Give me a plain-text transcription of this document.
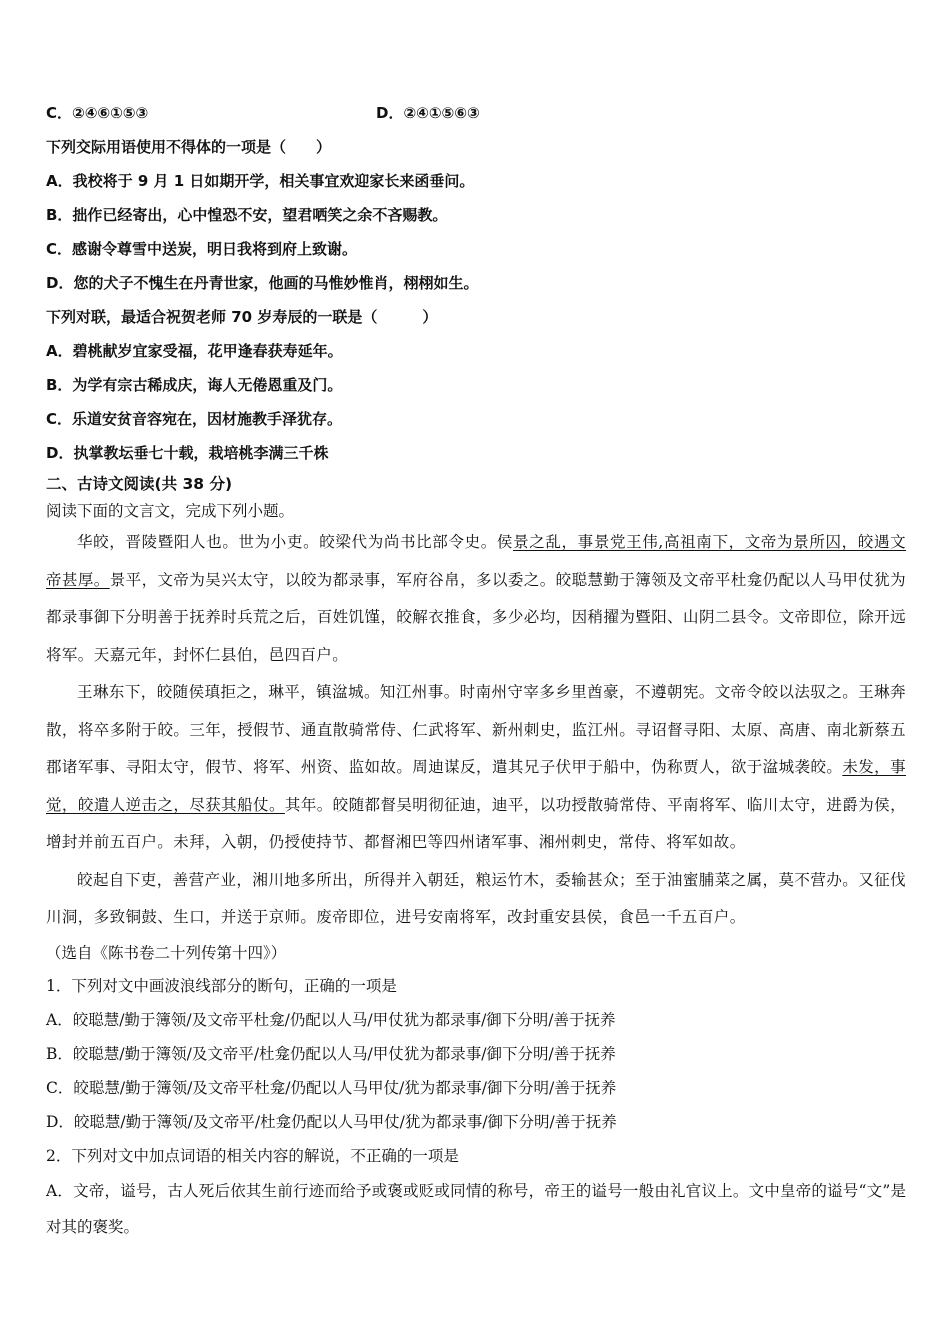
C．②④⑥①⑤③	D．②④①⑤⑥③
下列交际用语使用不得体的一项是（　　）
A．我校将于 9 月 1 日如期开学，相关事宜欢迎家长来函垂问。
B．拙作已经寄出，心中惶恐不安，望君哂笑之余不吝赐教。
C．感谢令尊雪中送炭，明日我将到府上致谢。
D．您的犬子不愧生在丹青世家，他画的马惟妙惟肖，栩栩如生。
下列对联，最适合祝贺老师 70 岁寿辰的一联是（　　　）
A．碧桃献岁宜家受福，花甲逢春获寿延年。
B．为学有宗古稀成庆，诲人无倦恩重及门。
C．乐道安贫音容宛在，因材施教手泽犹存。
D．执掌教坛垂七十载，栽培桃李满三千株
二、古诗文阅读(共 38 分)
阅读下面的文言文，完成下列小题。
华皎，晋陵暨阳人也。世为小吏。皎梁代为尚书比部令史。侯景之乱，事景党王伟,高祖南下，文帝为景所囚，皎遇文帝甚厚。景平，文帝为吴兴太守，以皎为都录事，军府谷帛，多以委之。皎聪慧勤于簿领及文帝平杜龛仍配以人马甲仗犹为都录事御下分明善于抚养时兵荒之后，百姓饥馑，皎解衣推食，多少必均，因稍擢为暨阳、山阴二县令。文帝即位，除开远将军。天嘉元年，封怀仁县伯，邑四百户。
王琳东下，皎随侯瑱拒之，琳平，镇湓城。知江州事。时南州守宰多乡里酋豪，不遵朝宪。文帝令皎以法驭之。王琳奔散，将卒多附于皎。三年，授假节、通直散骑常侍、仁武将军、新州刺史，监江州。寻诏督寻阳、太原、高唐、南北新蔡五郡诸军事、寻阳太守，假节、将军、州资、监如故。周迪谋反，遣其兄子伏甲于船中，伪称贾人，欲于湓城袭皎。未发，事觉，皎遣人逆击之，尽获其船仗。其年。皎随都督吴明彻征迪，迪平，以功授散骑常侍、平南将军、临川太守，进爵为侯，增封并前五百户。未拜，入朝，仍授使持节、都督湘巴等四州诸军事、湘州刺史，常侍、将军如故。
皎起自下吏，善营产业，湘川地多所出，所得并入朝廷，粮运竹木，委输甚众；至于油蜜脯菜之属，莫不营办。又征伐川洞，多致铜鼓、生口，并送于京师。废帝即位，进号安南将军，改封重安县侯，食邑一千五百户。
（选自《陈书卷二十列传第十四》）
1．下列对文中画波浪线部分的断句，正确的一项是
A．皎聪慧/勤于簿领/及文帝平杜龛/仍配以人马/甲仗犹为都录事/御下分明/善于抚养
B．皎聪慧/勤于簿领/及文帝平/杜龛仍配以人马/甲仗犹为都录事/御下分明/善于抚养
C．皎聪慧/勤于簿领/及文帝平杜龛/仍配以人马甲仗/犹为都录事/御下分明/善于抚养
D．皎聪慧/勤于簿领/及文帝平/杜龛仍配以人马甲仗/犹为都录事/御下分明/善于抚养
2．下列对文中加点词语的相关内容的解说，不正确的一项是
A．文帝，谥号，古人死后依其生前行迹而给予或褒或贬或同情的称号，帝王的谥号一般由礼官议上。文中皇帝的谥号“文”是对其的褒奖。
